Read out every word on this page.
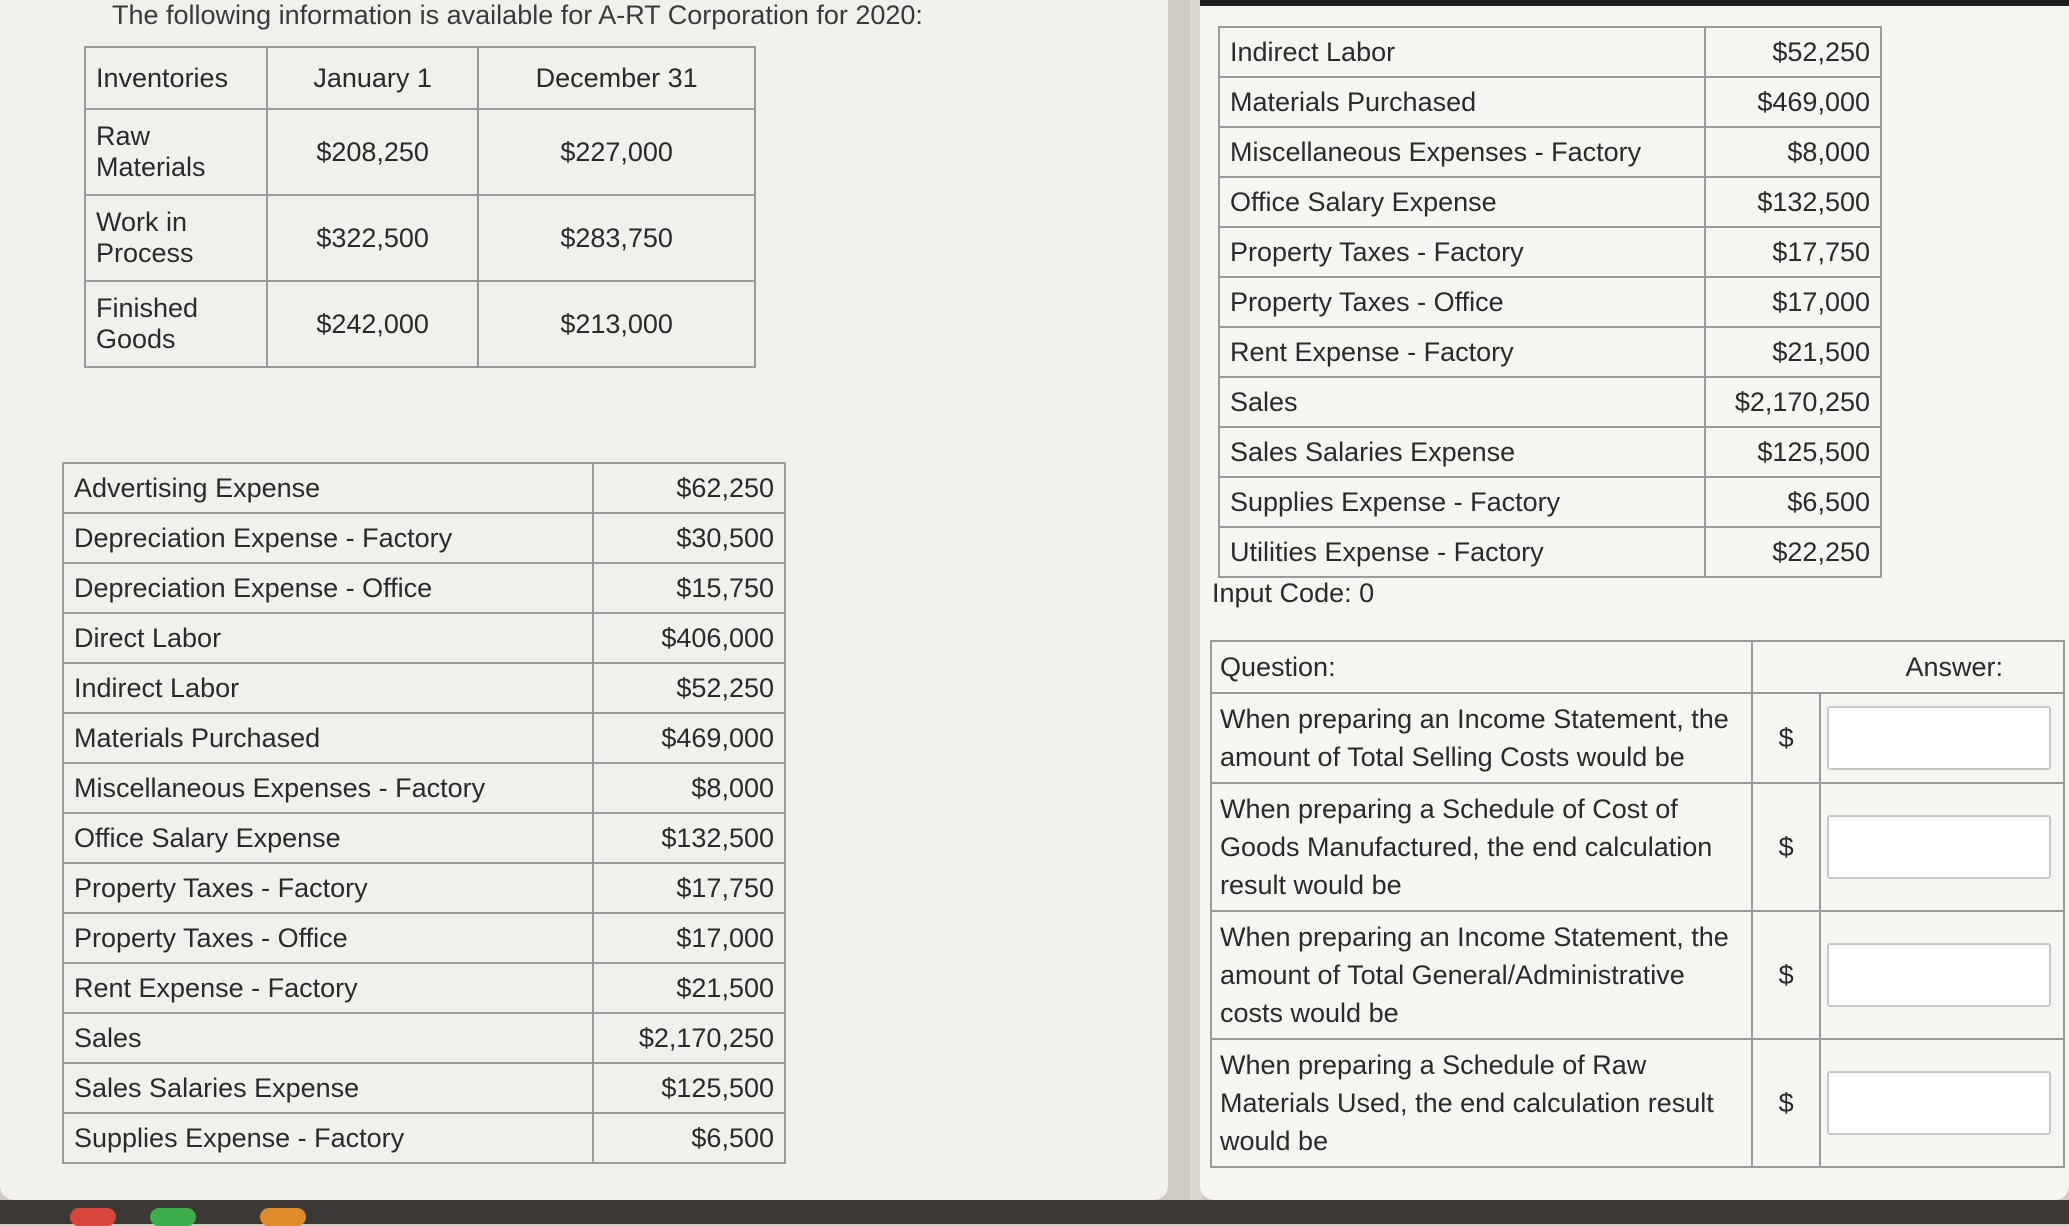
The following information is available for A-RT Corporation for 2020:
Inventories	January 1	December 31
Raw Materials	$208,250	$227,000
Work in Process	$322,500	$283,750
Finished Goods	$242,000	$213,000
Advertising Expense	$62,250
Depreciation Expense - Factory	$30,500
Depreciation Expense - Office	$15,750
Direct Labor	$406,000
Indirect Labor	$52,250
Materials Purchased	$469,000
Miscellaneous Expenses - Factory	$8,000
Office Salary Expense	$132,500
Property Taxes - Factory	$17,750
Property Taxes - Office	$17,000
Rent Expense - Factory	$21,500
Sales	$2,170,250
Sales Salaries Expense	$125,500
Supplies Expense - Factory	$6,500
Indirect Labor	$52,250
Materials Purchased	$469,000
Miscellaneous Expenses - Factory	$8,000
Office Salary Expense	$132,500
Property Taxes - Factory	$17,750
Property Taxes - Office	$17,000
Rent Expense - Factory	$21,500
Sales	$2,170,250
Sales Salaries Expense	$125,500
Supplies Expense - Factory	$6,500
Utilities Expense - Factory	$22,250
Input Code: 0
Question:	Answer:	
When preparing an Income Statement, the amount of Total Selling Costs would be	$	

When preparing a Schedule of Cost of Goods Manufactured, the end calculation result would be	$	

When preparing an Income Statement, the amount of Total General/Administrative costs would be	$	

When preparing a Schedule of Raw Materials Used, the end calculation result would be	$	
